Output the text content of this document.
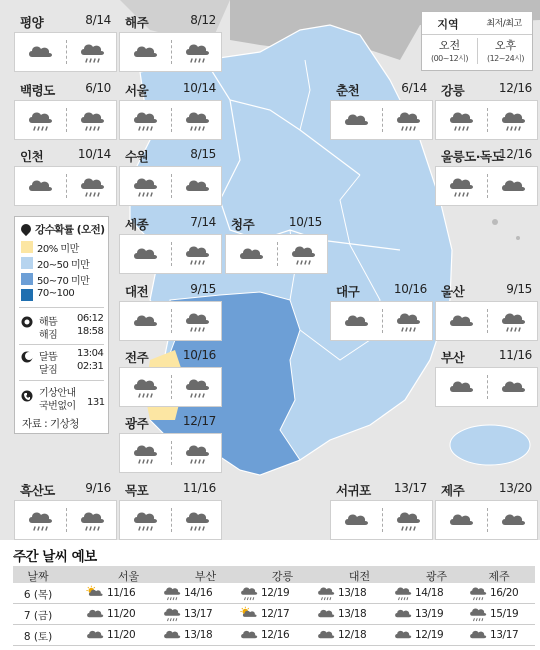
지역	최저/최고
오전
(00~12시)
오후
(12~24시)
강수확률 (오전)
20% 미만
20~50 미만
50~70 미만
70~100
해뜸 06:12
해짐 18:58
달뜸 13:04
달짐 02:31
기상안내
국번없이 131
자료 : 기상청
평양	8/14 해주	8/12
백령도	6/10 서울	10/14	춘천	6/14 강릉	12/16
인천	10/14 수원	8/15	울릉도·독도
12/16
세종	7/14 청주	10/15
대전	9/15	대구	10/16 울산	9/15
전주	10/16	부산	11/16
광주	12/17
흑산도	9/16 목포	11/16	서귀포 13/17 제주	13/20
주간 날씨 예보
날짜	서울	부산	강릉	대전	광주	제주
6 (목)	11/16	14/16	12/19	13/18	14/18	16/20
7 (금)	11/20	13/17	12/17	13/18	13/19	15/19
8 (토)	11/20	13/18	12/16	12/18	12/19	13/17
